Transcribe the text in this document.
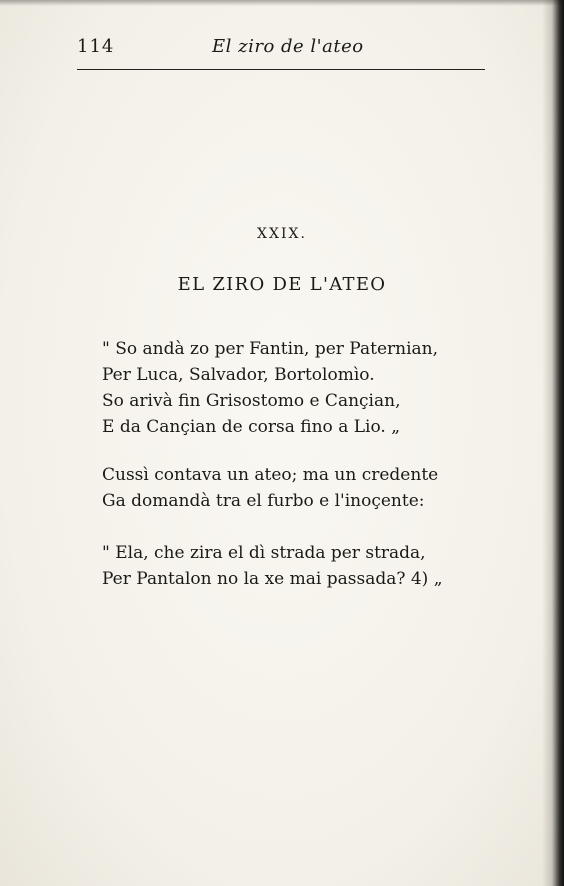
114	El ziro de l'ateo
XXIX.
EL ZIRO DE L'ATEO
" So andà zo per Fantin, per Paternian,
Per Luca, Salvador, Bortolomìo.
So arivà fin Grisostomo e Cançian,
E da Cançian de corsa fino a Lio. „
Cussì contava un ateo; ma un credente
Ga domandà tra el furbo e l'inoçente:
" Ela, che zira el dì strada per strada,
Per Pantalon no la xe mai passada? 4) „
